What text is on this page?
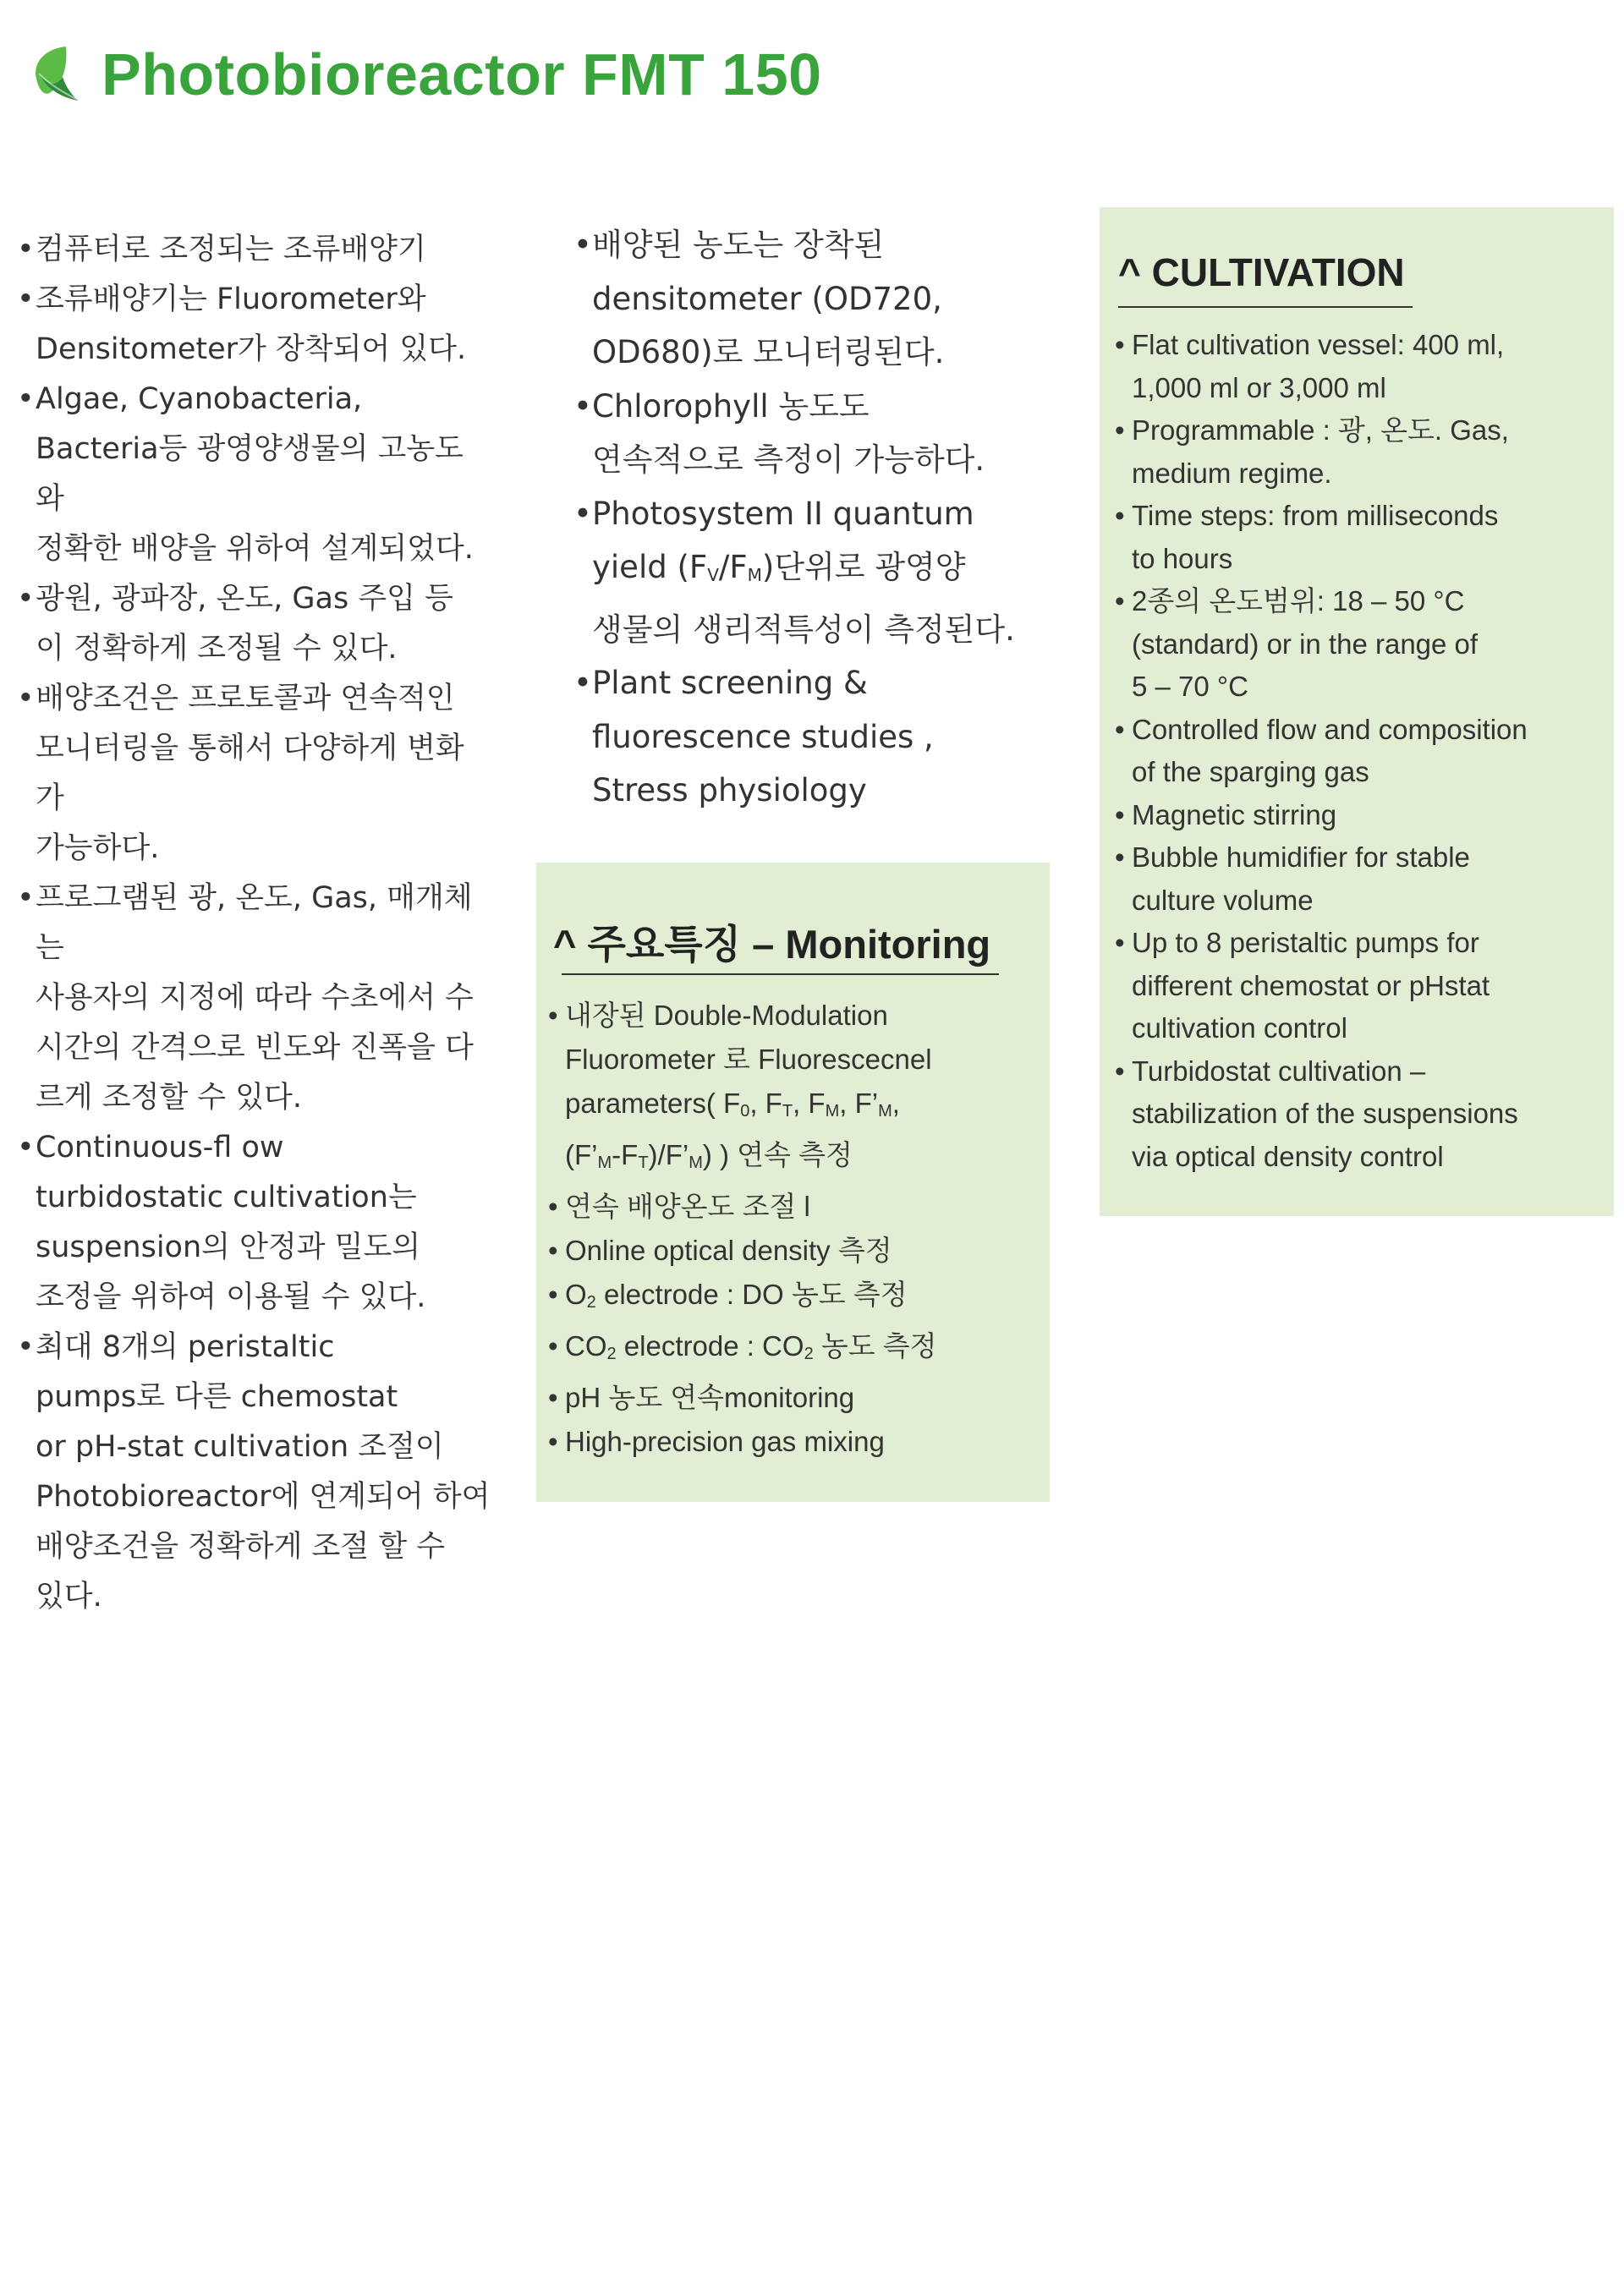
Photobioreactor FMT 150
• 컴퓨터로 조정되는 조류배양기
• 조류배양기는 Fluorometer와
Densitometer가 장착되어 있다.
• Algae, Cyanobacteria,
Bacteria등 광영양생물의 고농도 와
정확한 배양을 위하여 설계되었다.
• 광원, 광파장, 온도, Gas 주입 등
이 정확하게 조정될 수 있다.
• 배양조건은 프로토콜과 연속적인
모니터링을 통해서 다양하게 변화가
가능하다.
• 프로그램된 광, 온도, Gas, 매개체는
사용자의 지정에 따라 수초에서 수
시간의 간격으로 빈도와 진폭을 다
르게 조정할 수 있다.
• Continuous-fl ow
turbidostatic cultivation는
suspension의 안정과 밀도의
조정을 위하여 이용될 수 있다.
• 최대 8개의 peristaltic
pumps로 다른 chemostat
or pH-stat cultivation 조절이
Photobioreactor에 연계되어 하여
배양조건을 정확하게 조절 할 수
있다.
• 배양된 농도는 장착된
densitometer (OD720,
OD680)로 모니터링된다.
• Chlorophyll 농도도
연속적으로 측정이 가능하다.
• Photosystem II quantum
yield $(F_V/F_M)$단위로 광영양
생물의 생리적특성이 측정된다.
• Plant screening &
fluorescence studies ,
Stress physiology
^ 주요특징 – Monitoring
• 내장된 Double-Modulation
Fluorometer 로 Fluorescecnel
parameters( $F_0$, $F_T$, $F_M$, $F’_M$,
$(F’_M-F_T)/F’_M$) ) 연속 측정
• 연속 배양온도 조절 l
• Online optical density 측정
• $O_2$ electrode : DO 농도 측정
• $CO_2$ electrode : $CO_2$ 농도 측정
• pH 농도 연속monitoring
• High-precision gas mixing
^ CULTIVATION
• Flat cultivation vessel: 400 ml,
1,000 ml or 3,000 ml
• Programmable : 광, 온도. Gas,
medium regime.
• Time steps: from milliseconds
to hours
• 2종의 온도범위: 18 – 50 °C
(standard) or in the range of
5 – 70 °C
• Controlled flow and composition
of the sparging gas
• Magnetic stirring
• Bubble humidifier for stable
culture volume
• Up to 8 peristaltic pumps for
different chemostat or pHstat
cultivation control
• Turbidostat cultivation –
stabilization of the suspensions
via optical density control
